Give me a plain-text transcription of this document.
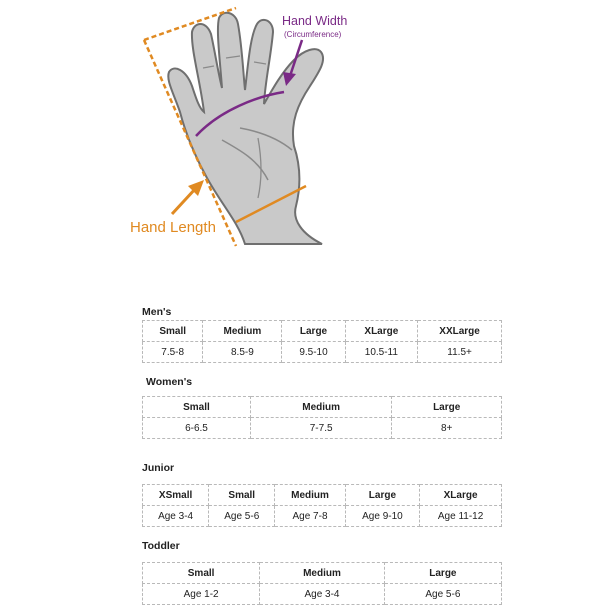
Hand Width
(Circumference)
Hand Length
Men's
Small	Medium	Large	XLarge	XXLarge
7.5-8	8.5-9	9.5-10	10.5-11	11.5+
Women's
Small	Medium	Large
6-6.5	7-7.5	8+
Junior
XSmall	Small	Medium	Large	XLarge
Age 3-4	Age 5-6	Age 7-8	Age 9-10	Age 11-12
Toddler
Small	Medium	Large
Age 1-2	Age 3-4	Age 5-6
